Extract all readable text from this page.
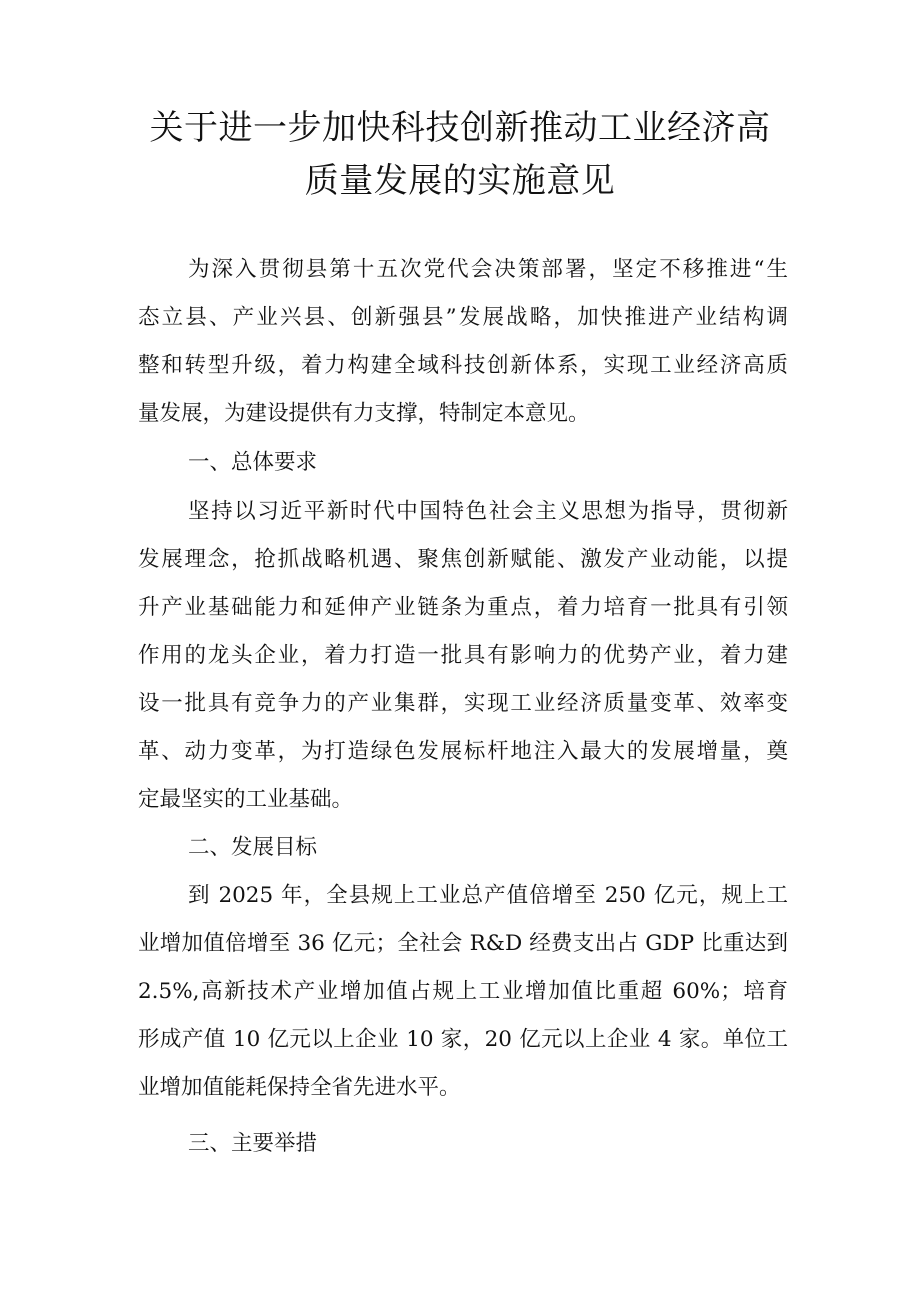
关于进一步加快科技创新推动工业经济高
质量发展的实施意见
为深入贯彻县第十五次党代会决策部署，坚定不移推进“生
态立县、产业兴县、创新强县”发展战略，加快推进产业结构调
整和转型升级，着力构建全域科技创新体系，实现工业经济高质
量发展，为建设提供有力支撑，特制定本意见。
一、总体要求
坚持以习近平新时代中国特色社会主义思想为指导，贯彻新
发展理念，抢抓战略机遇、聚焦创新赋能、激发产业动能，以提
升产业基础能力和延伸产业链条为重点，着力培育一批具有引领
作用的龙头企业，着力打造一批具有影响力的优势产业，着力建
设一批具有竞争力的产业集群，实现工业经济质量变革、效率变
革、动力变革，为打造绿色发展标杆地注入最大的发展增量，奠
定最坚实的工业基础。
二、发展目标
到 2025 年，全县规上工业总产值倍增至 250 亿元，规上工
业增加值倍增至 36 亿元；全社会 R&D 经费支出占 GDP 比重达到
2.5%,高新技术产业增加值占规上工业增加值比重超 60%；培育
形成产值 10 亿元以上企业 10 家，20 亿元以上企业 4 家。单位工
业增加值能耗保持全省先进水平。
三、主要举措
